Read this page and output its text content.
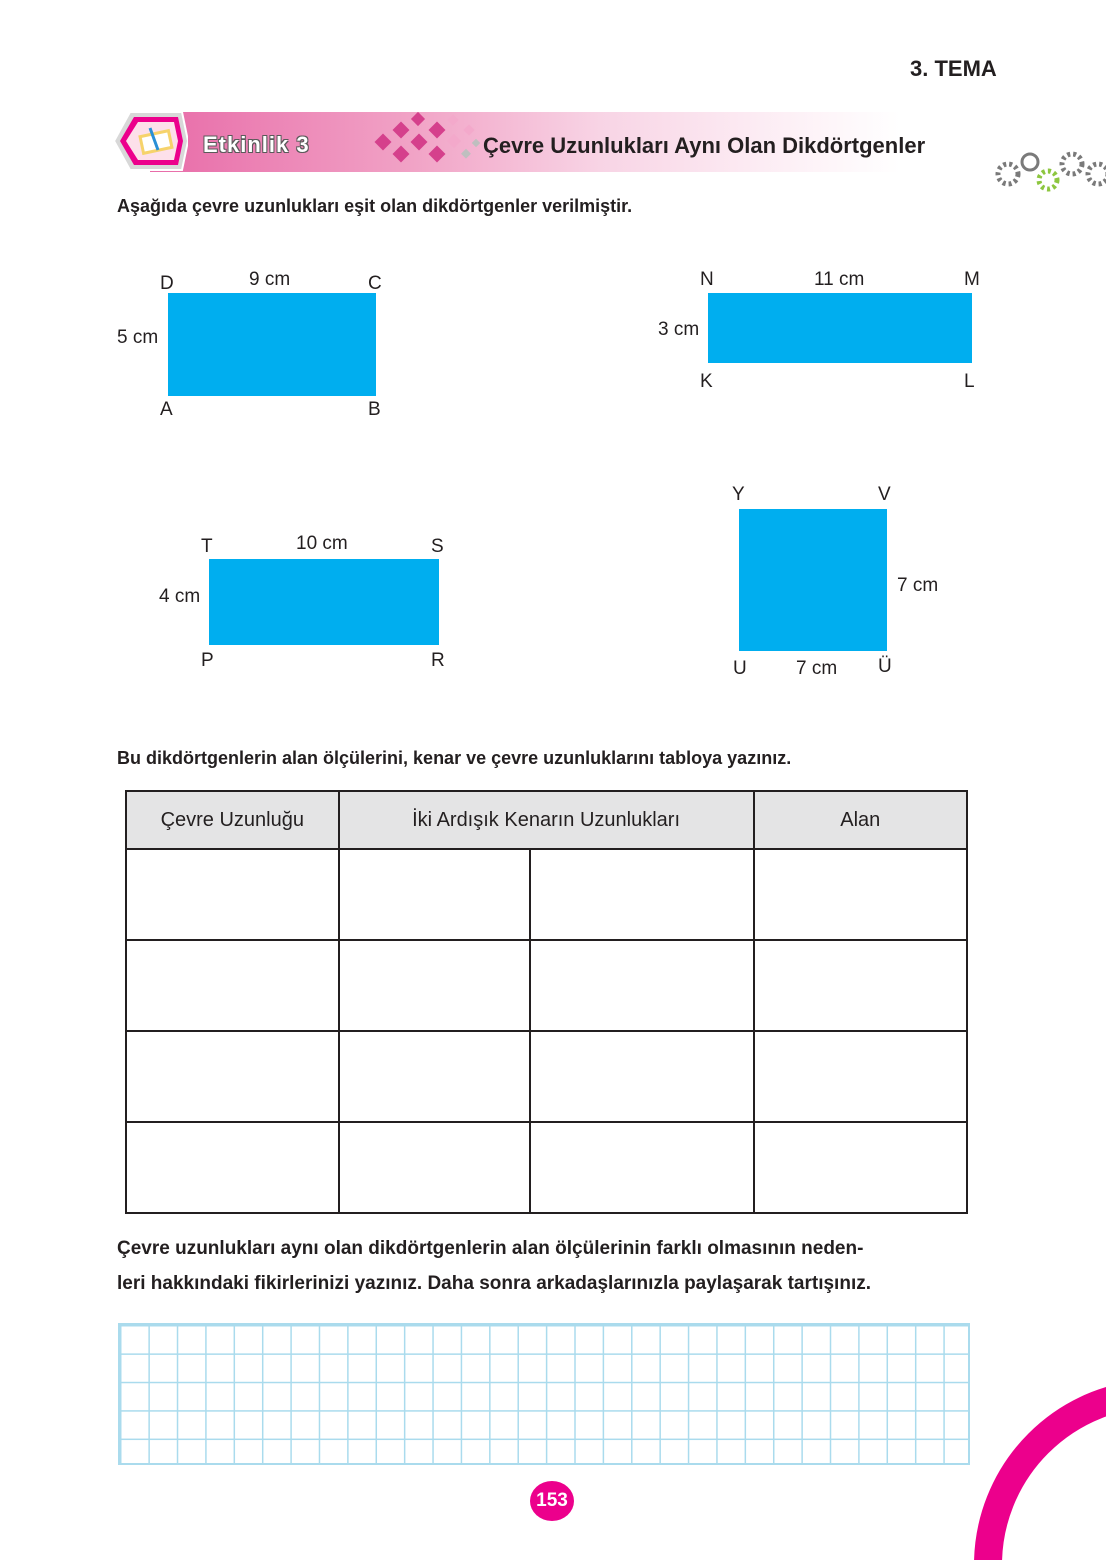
3. TEMA
Etkinlik 3	Çevre Uzunlukları Aynı Olan Dikdörtgenler
Aşağıda çevre uzunlukları eşit olan dikdörtgenler verilmiştir.
D	C
A	B
9 cm
5 cm
N	M
K	L
11 cm
3 cm
T	S
P	R
10 cm
4 cm
Y	V
U	Ü
7 cm
7 cm
Bu dikdörtgenlerin alan ölçülerini, kenar ve çevre uzunluklarını tabloya yazınız.
Çevre Uzunluğu	İki Ardışık Kenarın Uzunlukları		Alan

Çevre uzunlukları aynı olan dikdörtgenlerin alan ölçülerinin farklı olmasının neden-
leri hakkındaki fikirlerinizi yazınız. Daha sonra arkadaşlarınızla paylaşarak tartışınız.
153
